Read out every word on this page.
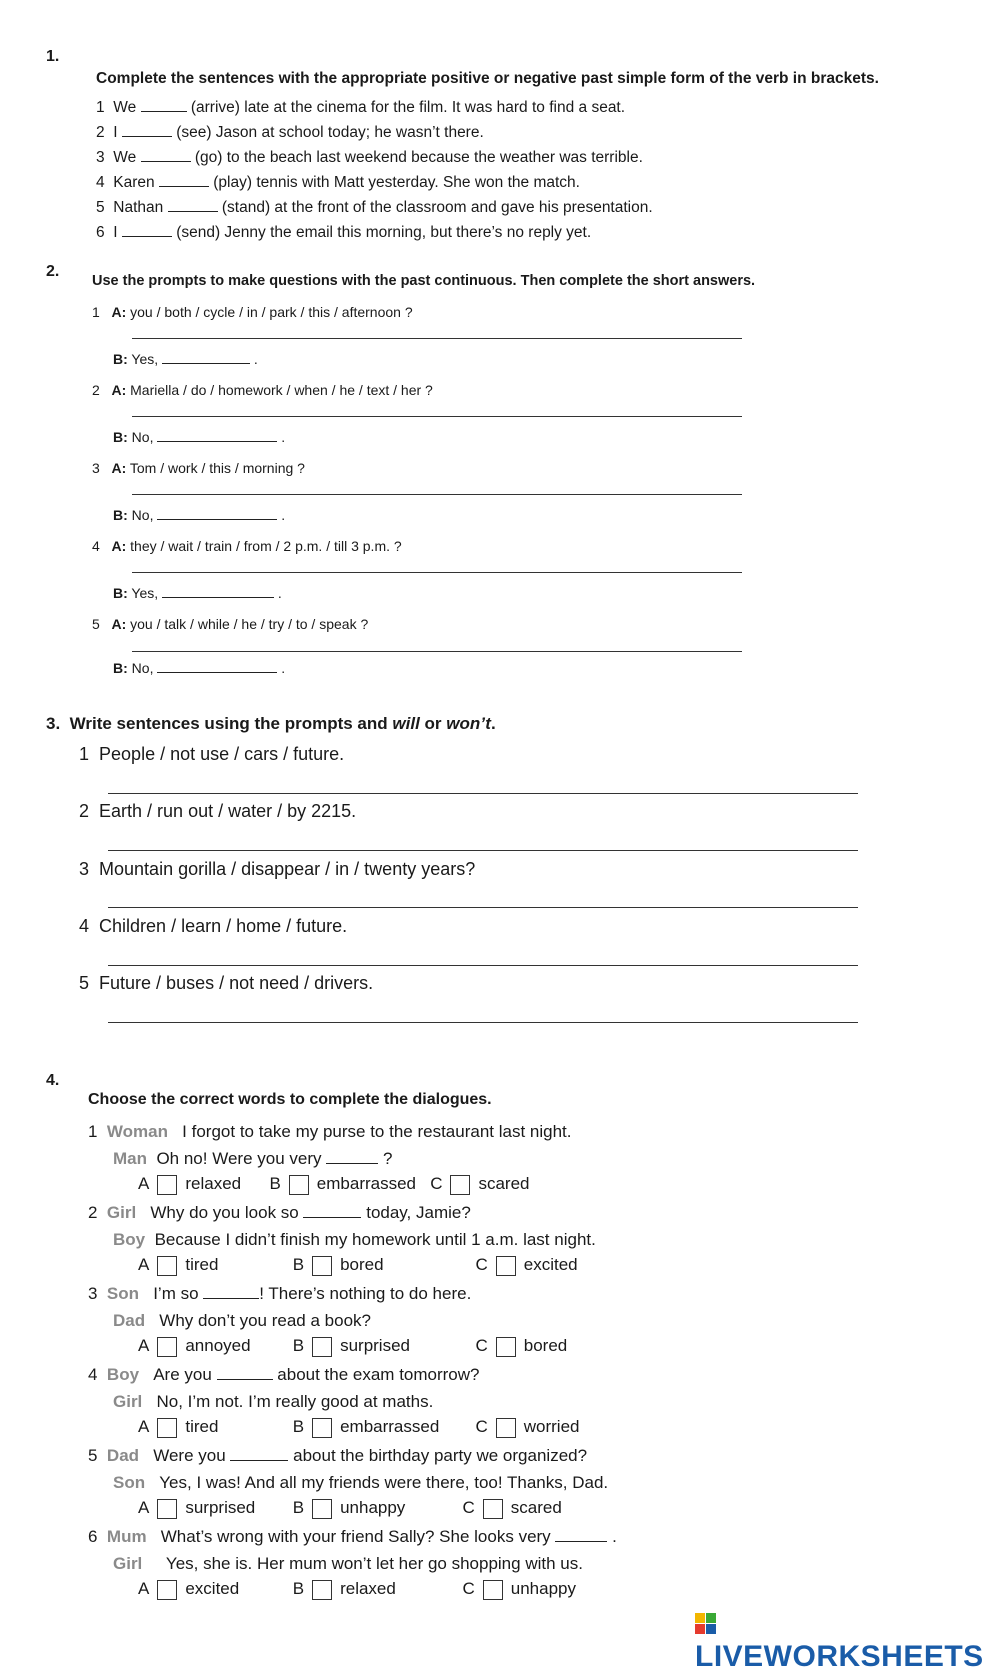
1.
Complete the sentences with the appropriate positive or negative past simple form of the verb in brackets.
1 We	(arrive) late at the cinema for the film. It was hard to find a seat.
2 I	(see) Jason at school today; he wasn’t there.
3 We	(go) to the beach last weekend because the weather was terrible.
4 Karen	(play) tennis with Matt yesterday. She won the match.
5 Nathan	(stand) at the front of the classroom and gave his presentation.
6 I	(send) Jenny the email this morning, but there’s no reply yet.
2.
Use the prompts to make questions with the past continuous. Then complete the short answers.
1 A: you / both / cycle / in / park / this / afternoon ?
B: Yes,	.
2 A: Mariella / do / homework / when / he / text / her ?
B: No,	.
3 A: Tom / work / this / morning ?
B: No,	.
4 A: they / wait / train / from / 2 p.m. / till 3 p.m. ?
B: Yes,	.
5 A: you / talk / while / he / try / to / speak ?
B: No,	.
3. Write sentences using the prompts and will or won’t.
1 People / not use / cars / future.
2 Earth / run out / water / by 2215.
3 Mountain gorilla / disappear / in / twenty years?
4 Children / learn / home / future.
5 Future / buses / not need / drivers.
4.
Choose the correct words to complete the dialogues.
1 Woman I forgot to take my purse to the restaurant last night.
Man Oh no! Were you very	?
A relaxed B embarrassed C scared
2 Girl Why do you look so	today, Jamie?
Boy Because I didn’t finish my homework until 1 a.m. last night.
A tired	B bored	C excited
3 Son I’m so	! There’s nothing to do here.
Dad Why don’t you read a book?
A annoyed B surprised	C bored
4 Boy Are you	about the exam tomorrow?
Girl No, I’m not. I’m really good at maths.
A tired	B embarrassed C worried
5 Dad Were you	about the birthday party we organized?
Son Yes, I was! And all my friends were there, too! Thanks, Dad.
A surprised B unhappy	C scared
6 Mum What’s wrong with your friend Sally? She looks very	.
Girl Yes, she is. Her mum won’t let her go shopping with us.
A excited	B relaxed	C unhappy
LIVEWORKSHEETS
